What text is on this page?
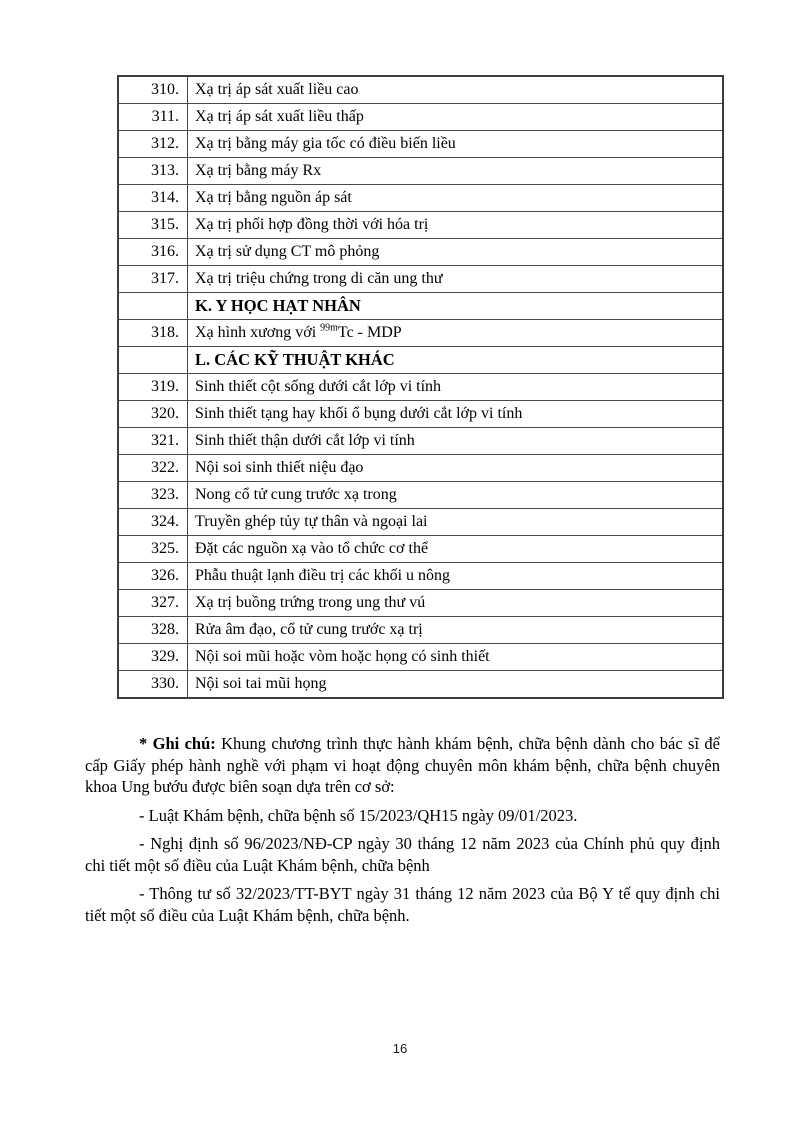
310.	Xạ trị áp sát xuất liều cao
311.	Xạ trị áp sát xuất liều thấp
312.	Xạ trị bằng máy gia tốc có điều biến liều
313.	Xạ trị bằng máy Rx
314.	Xạ trị bằng nguồn áp sát
315.	Xạ trị phối hợp đồng thời với hóa trị
316.	Xạ trị sử dụng CT mô phỏng
317.	Xạ trị triệu chứng trong di căn ung thư
	K. Y HỌC HẠT NHÂN
318.	Xạ hình xương với $^{99m}$Tc - MDP
	L. CÁC KỸ THUẬT KHÁC
319.	Sinh thiết cột sống dưới cắt lớp vi tính
320.	Sinh thiết tạng hay khối ổ bụng dưới cắt lớp vi tính
321.	Sinh thiết thận dưới cắt lớp vi tính
322.	Nội soi sinh thiết niệu đạo
323.	Nong cổ tử cung trước xạ trong
324.	Truyền ghép tủy tự thân và ngoại lai
325.	Đặt các nguồn xạ vào tổ chức cơ thể
326.	Phẫu thuật lạnh điều trị các khối u nông
327.	Xạ trị buồng trứng trong ung thư vú
328.	Rửa âm đạo, cổ tử cung trước xạ trị
329.	Nội soi mũi hoặc vòm hoặc họng có sinh thiết
330.	Nội soi tai mũi họng

* Ghi chú: Khung chương trình thực hành khám bệnh, chữa bệnh dành cho bác sĩ để cấp Giấy phép hành nghề với phạm vi hoạt động chuyên môn khám bệnh, chữa bệnh chuyên khoa Ung bướu được biên soạn dựa trên cơ sở:

- Luật Khám bệnh, chữa bệnh số 15/2023/QH15 ngày 09/01/2023.

- Nghị định số 96/2023/NĐ-CP ngày 30 tháng 12 năm 2023 của Chính phủ quy định chi tiết một số điều của Luật Khám bệnh, chữa bệnh

- Thông tư số 32/2023/TT-BYT ngày 31 tháng 12 năm 2023 của Bộ Y tế quy định chi tiết một số điều của Luật Khám bệnh, chữa bệnh.

16
